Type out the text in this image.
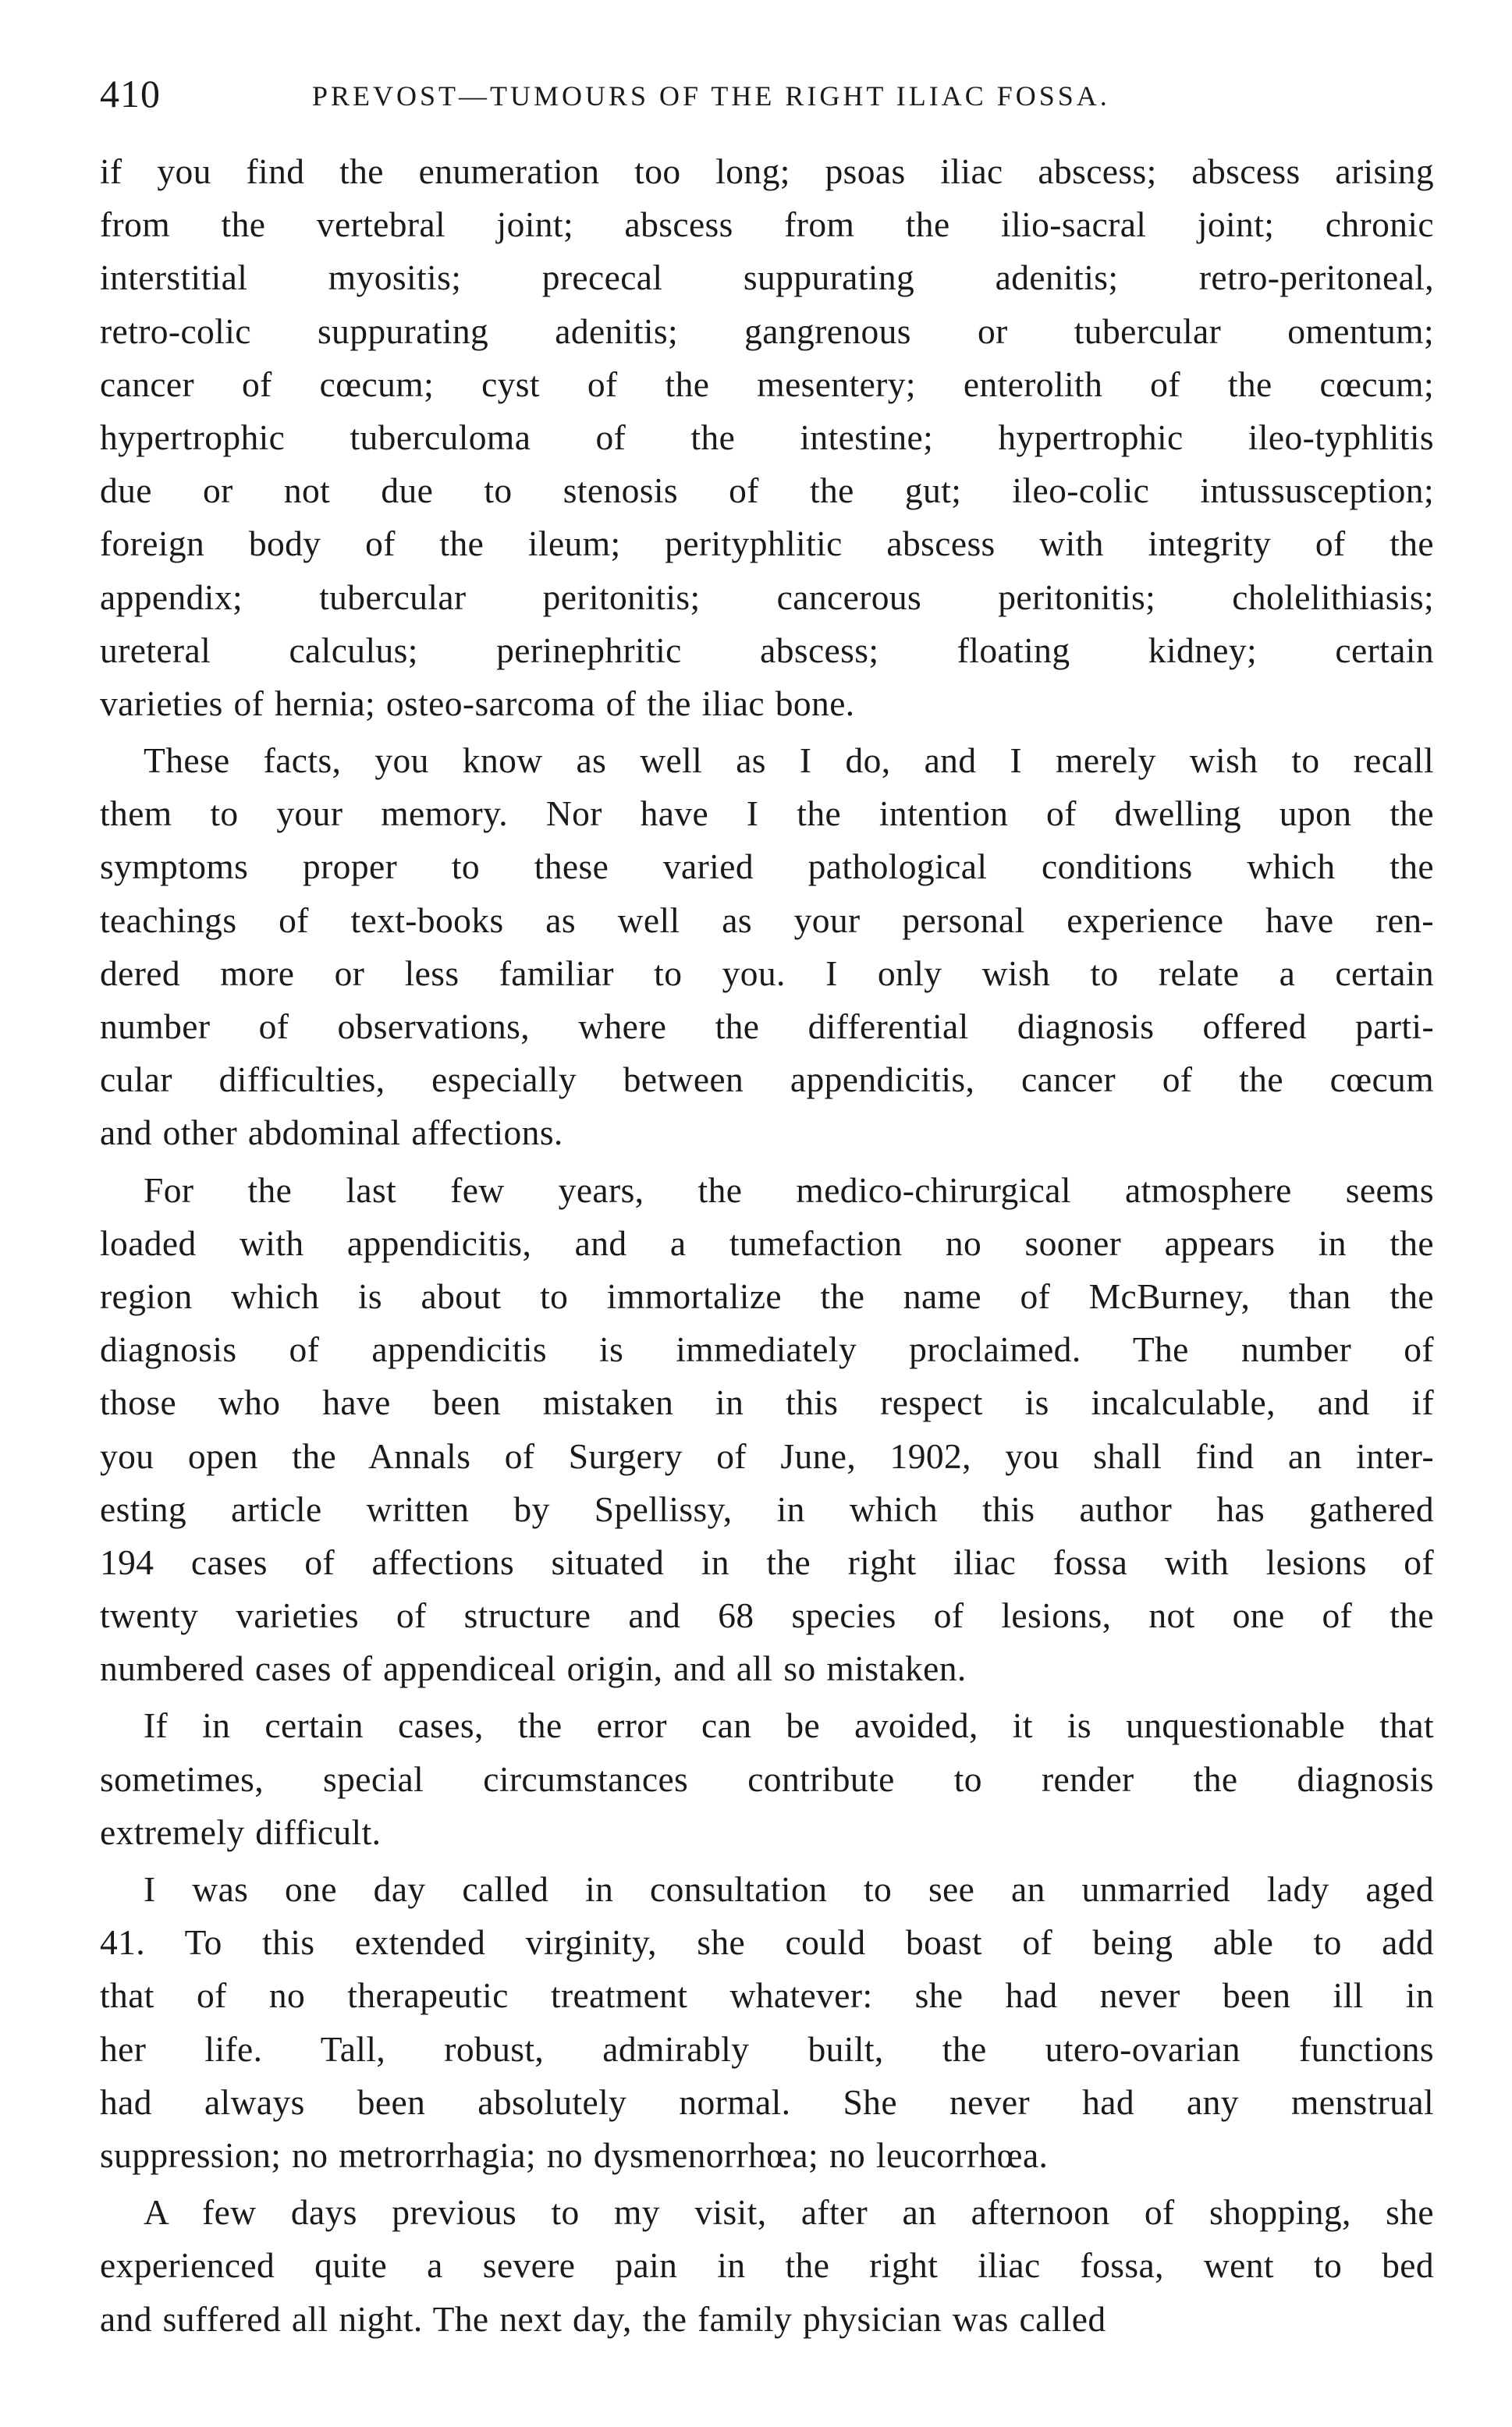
410	PREVOST—TUMOURS OF THE RIGHT ILIAC FOSSA.
if you find the enumeration too long; psoas iliac abscess; abscess arising
from the vertebral joint; abscess from the ilio-sacral joint; chronic
interstitial myositis; prececal suppurating adenitis; retro-peritoneal,
retro-colic suppurating adenitis; gangrenous or tubercular omentum;
cancer of cœcum; cyst of the mesentery; enterolith of the cœcum;
hypertrophic tuberculoma of the intestine; hypertrophic ileo-typhlitis
due or not due to stenosis of the gut; ileo-colic intussusception;
foreign body of the ileum; perityphlitic abscess with integrity of the
appendix; tubercular peritonitis; cancerous peritonitis; cholelithiasis;
ureteral calculus; perinephritic abscess; floating kidney; certain
varieties of hernia; osteo-sarcoma of the iliac bone.
These facts, you know as well as I do, and I merely wish to recall
them to your memory. Nor have I the intention of dwelling upon the
symptoms proper to these varied pathological conditions which the
teachings of text-books as well as your personal experience have ren-
dered more or less familiar to you. I only wish to relate a certain
number of observations, where the differential diagnosis offered parti-
cular difficulties, especially between appendicitis, cancer of the cœcum
and other abdominal affections.
For the last few years, the medico-chirurgical atmosphere seems
loaded with appendicitis, and a tumefaction no sooner appears in the
region which is about to immortalize the name of McBurney, than the
diagnosis of appendicitis is immediately proclaimed. The number of
those who have been mistaken in this respect is incalculable, and if
you open the Annals of Surgery of June, 1902, you shall find an inter-
esting article written by Spellissy, in which this author has gathered
194 cases of affections situated in the right iliac fossa with lesions of
twenty varieties of structure and 68 species of lesions, not one of the
numbered cases of appendiceal origin, and all so mistaken.
If in certain cases, the error can be avoided, it is unquestionable that
sometimes, special circumstances contribute to render the diagnosis
extremely difficult.
I was one day called in consultation to see an unmarried lady aged
41. To this extended virginity, she could boast of being able to add
that of no therapeutic treatment whatever: she had never been ill in
her life. Tall, robust, admirably built, the utero-ovarian functions
had always been absolutely normal. She never had any menstrual
suppression; no metrorrhagia; no dysmenorrhœa; no leucorrhœa.
A few days previous to my visit, after an afternoon of shopping, she
experienced quite a severe pain in the right iliac fossa, went to bed
and suffered all night. The next day, the family physician was called
